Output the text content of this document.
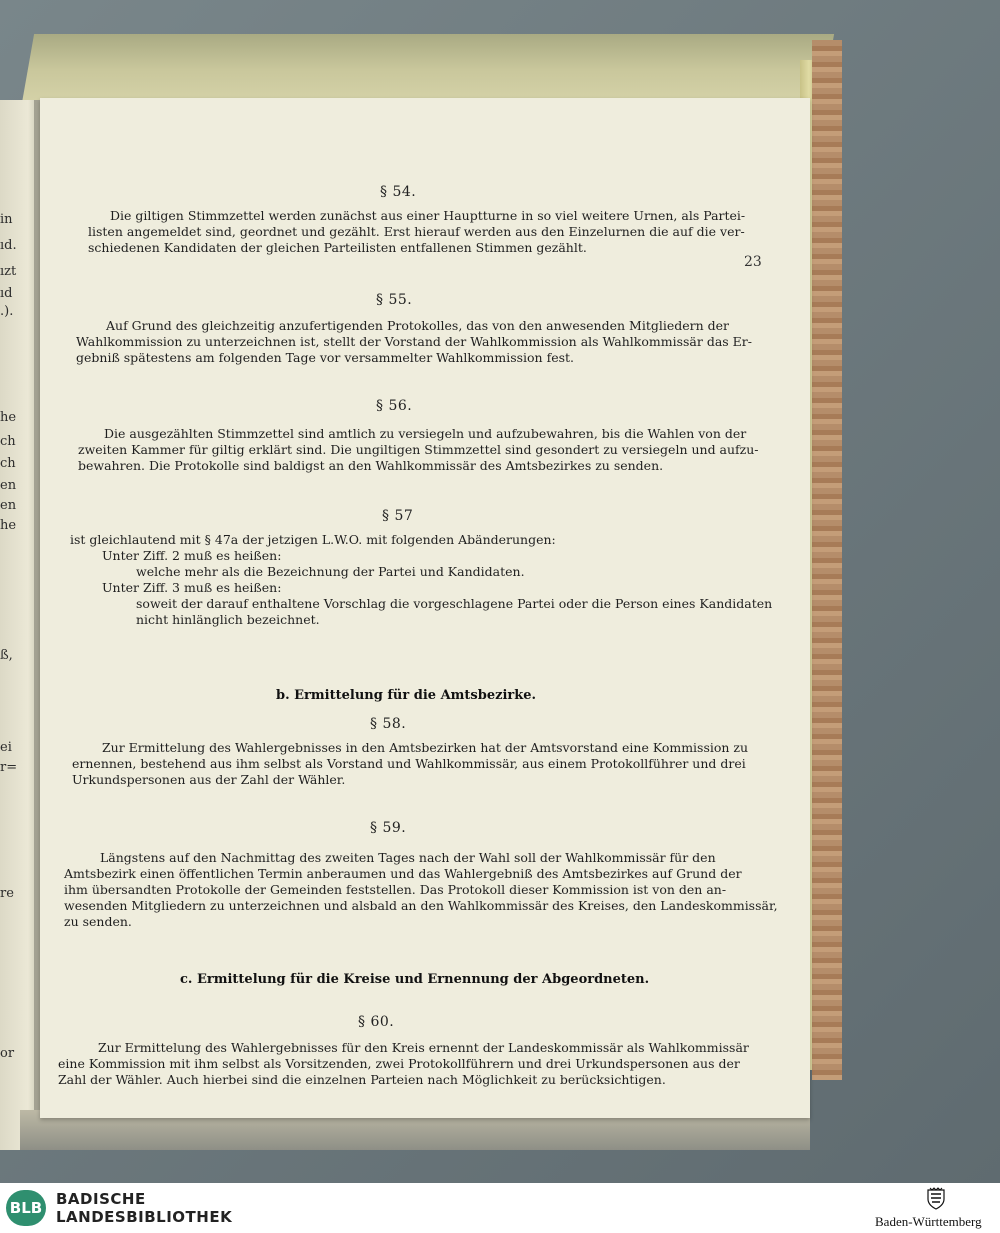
in
ıd.
ızt
ıd
.).
he
ch
ch
en
en
he
ß,
ei
r=
re
or
23
§ 54.
Die giltigen Stimmzettel werden zunächst aus einer Hauptturne in so viel weitere Urnen, als Partei-
listen angemeldet sind, geordnet und gezählt. Erst hierauf werden aus den Einzelurnen die auf die ver-
schiedenen Kandidaten der gleichen Parteilisten entfallenen Stimmen gezählt.
§ 55.
Auf Grund des gleichzeitig anzufertigenden Protokolles, das von den anwesenden Mitgliedern der
Wahlkommission zu unterzeichnen ist, stellt der Vorstand der Wahlkommission als Wahlkommissär das Er-
gebniß spätestens am folgenden Tage vor versammelter Wahlkommission fest.
§ 56.
Die ausgezählten Stimmzettel sind amtlich zu versiegeln und aufzubewahren, bis die Wahlen von der
zweiten Kammer für giltig erklärt sind. Die ungiltigen Stimmzettel sind gesondert zu versiegeln und aufzu-
bewahren. Die Protokolle sind baldigst an den Wahlkommissär des Amtsbezirkes zu senden.
§ 57
ist gleichlautend mit § 47a der jetzigen L.W.O. mit folgenden Abänderungen:
Unter Ziff. 2 muß es heißen:
welche mehr als die Bezeichnung der Partei und Kandidaten.
Unter Ziff. 3 muß es heißen:
soweit der darauf enthaltene Vorschlag die vorgeschlagene Partei oder die Person eines Kandidaten
nicht hinlänglich bezeichnet.
b. Ermittelung für die Amtsbezirke.
§ 58.
Zur Ermittelung des Wahlergebnisses in den Amtsbezirken hat der Amtsvorstand eine Kommission zu
ernennen, bestehend aus ihm selbst als Vorstand und Wahlkommissär, aus einem Protokollführer und drei
Urkundspersonen aus der Zahl der Wähler.
§ 59.
Längstens auf den Nachmittag des zweiten Tages nach der Wahl soll der Wahlkommissär für den
Amtsbezirk einen öffentlichen Termin anberaumen und das Wahlergebniß des Amtsbezirkes auf Grund der
ihm übersandten Protokolle der Gemeinden feststellen. Das Protokoll dieser Kommission ist von den an-
wesenden Mitgliedern zu unterzeichnen und alsbald an den Wahlkommissär des Kreises, den Landeskommissär,
zu senden.
c. Ermittelung für die Kreise und Ernennung der Abgeordneten.
§ 60.
Zur Ermittelung des Wahlergebnisses für den Kreis ernennt der Landeskommissär als Wahlkommissär
eine Kommission mit ihm selbst als Vorsitzenden, zwei Protokollführern und drei Urkundspersonen aus der
Zahl der Wähler. Auch hierbei sind die einzelnen Parteien nach Möglichkeit zu berücksichtigen.
BLB BADISCHE
LANDESBIBLIOTHEK	Baden-Württemberg
